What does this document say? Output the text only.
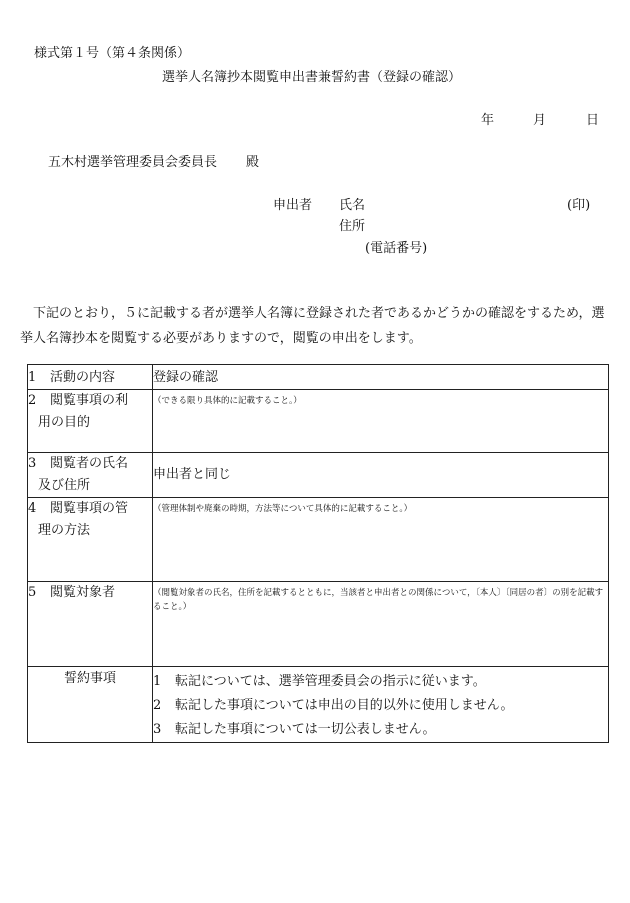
様式第１号（第４条関係）
選挙人名簿抄本閲覧申出書兼誓約書（登録の確認）
年	月	日
五木村選挙管理委員会委員長 殿
申出者 氏名	(印)
住所
(電話番号)
下記のとおり，５に記載する者が選挙人名簿に登録された者であるかどうかの確認をするため，選挙人名簿抄本を閲覧する必要がありますので，閲覧の申出をします。
1 活動の内容	登録の確認

2 閲覧事項の利
用の目的	（できる限り具体的に記載すること。）

3 閲覧者の氏名
及び住所	申出者と同じ

4 閲覧事項の管
理の方法	（管理体制や廃棄の時期，方法等について具体的に記載すること。）

5 閲覧対象者	（閲覧対象者の氏名，住所を記載するとともに，当該者と申出者との関係について，〔本人〕〔同居の者〕の別を記載すること。）

誓約事項	1 転記については、選挙管理委員会の指示に従います。
2 転記した事項については申出の目的以外に使用しません。
3 転記した事項については一切公表しません。
